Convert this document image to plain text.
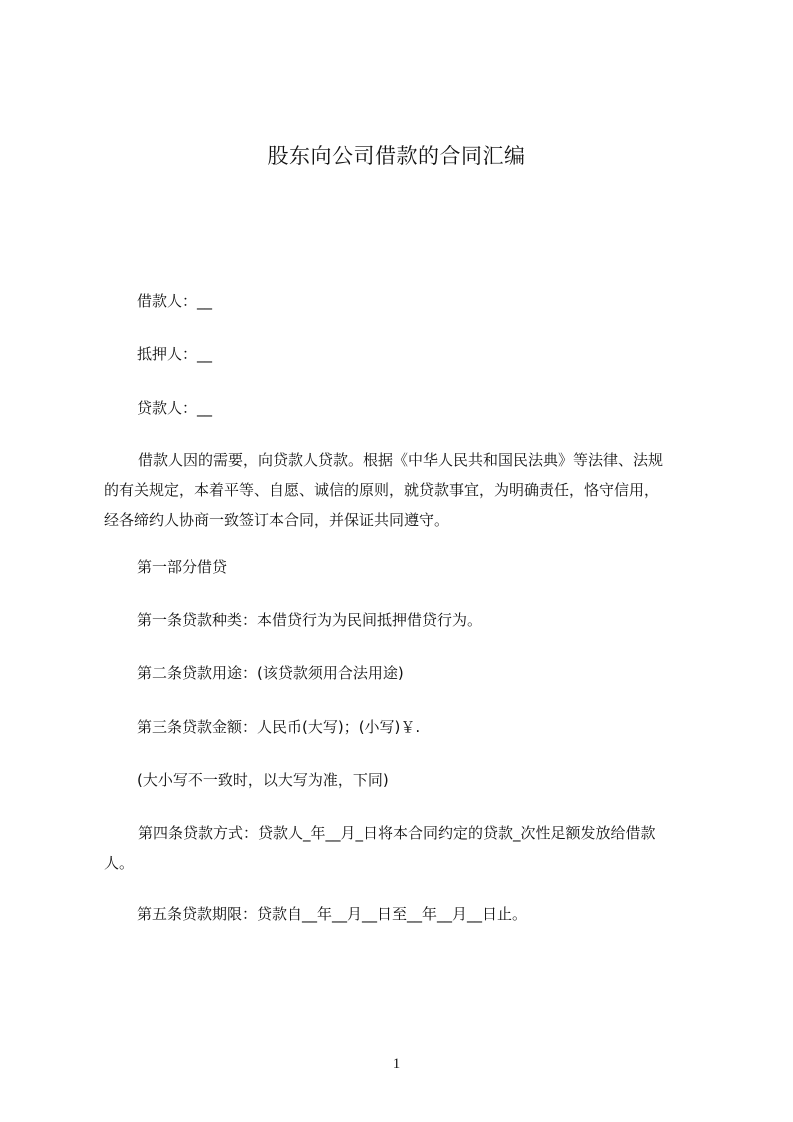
股东向公司借款的合同汇编
借款人：__
抵押人：__
贷款人：__
借款人因的需要，向贷款人贷款。根据《中华人民共和国民法典》等法律、法规
的有关规定，本着平等、自愿、诚信的原则，就贷款事宜，为明确责任，恪守信用，
经各缔约人协商一致签订本合同，并保证共同遵守。
第一部分借贷
第一条贷款种类：本借贷行为为民间抵押借贷行为。
第二条贷款用途：(该贷款须用合法用途)
第三条贷款金额：人民币(大写)；(小写)￥.
(大小写不一致时，以大写为准，下同)
第四条贷款方式：贷款人_年__月_日将本合同约定的贷款_次性足额发放给借款
人。
第五条贷款期限：贷款自__年__月__日至__年__月__日止。
1
